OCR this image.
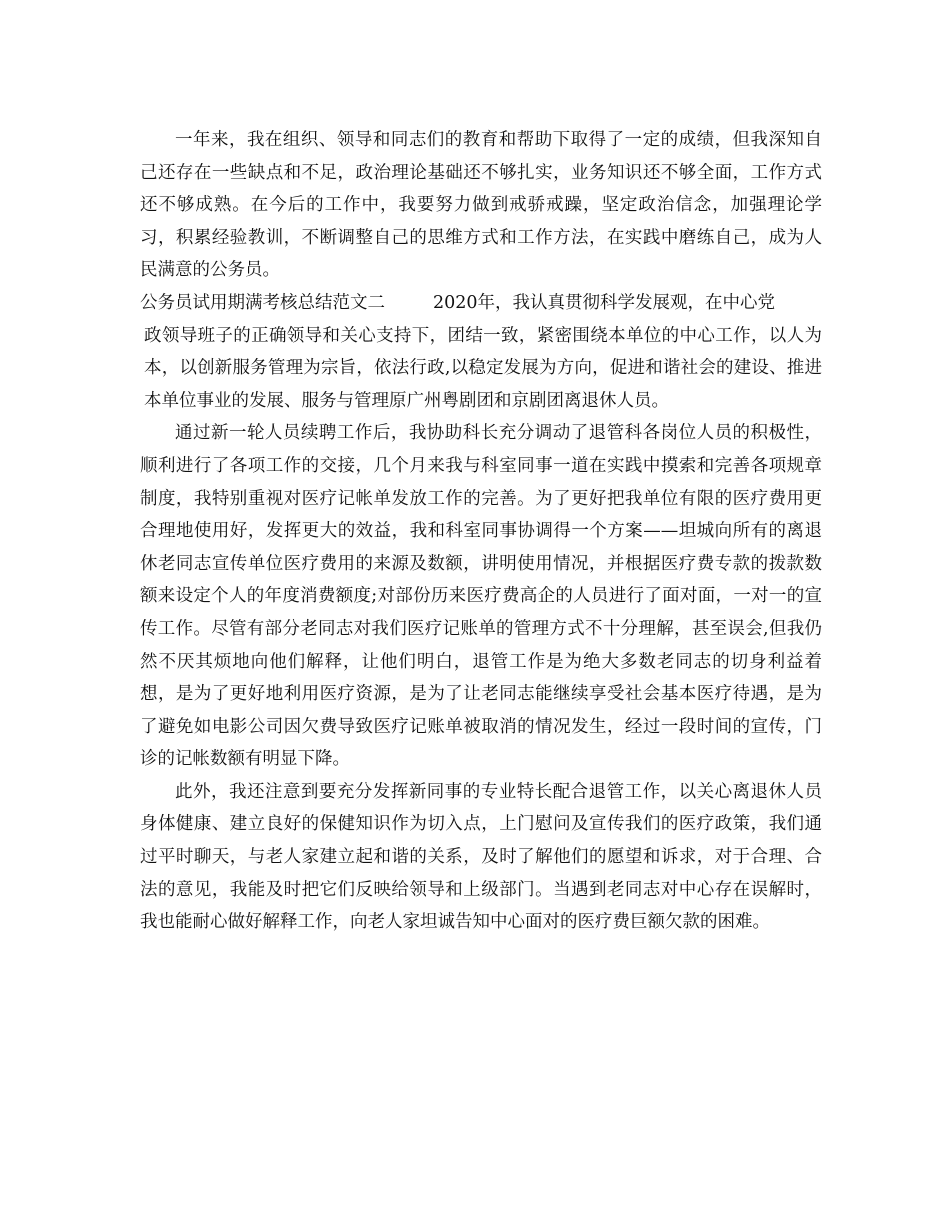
一年来，我在组织、领导和同志们的教育和帮助下取得了一定的成绩，但我深知自己还存在一些缺点和不足，政治理论基础还不够扎实，业务知识还不够全面，工作方式还不够成熟。在今后的工作中，我要努力做到戒骄戒躁，坚定政治信念，加强理论学习，积累经验教训，不断调整自己的思维方式和工作方法，在实践中磨练自己，成为人民满意的公务员。

公务员试用期满考核总结范文二	2020年，我认真贯彻科学发展观，在中心党

政领导班子的正确领导和关心支持下，团结一致，紧密围绕本单位的中心工作，以人为本，以创新服务管理为宗旨，依法行政,以稳定发展为方向，促进和谐社会的建设、推进本单位事业的发展、服务与管理原广州粤剧团和京剧团离退休人员。

通过新一轮人员续聘工作后，我协助科长充分调动了退管科各岗位人员的积极性，顺利进行了各项工作的交接，几个月来我与科室同事一道在实践中摸索和完善各项规章制度，我特别重视对医疗记帐单发放工作的完善。为了更好把我单位有限的医疗费用更合理地使用好，发挥更大的效益，我和科室同事协调得一个方案——坦城向所有的离退休老同志宣传单位医疗费用的来源及数额，讲明使用情况，并根据医疗费专款的拨款数额来设定个人的年度消费额度;对部份历来医疗费高企的人员进行了面对面，一对一的宣传工作。尽管有部分老同志对我们医疗记账单的管理方式不十分理解，甚至误会,但我仍然不厌其烦地向他们解释，让他们明白，退管工作是为绝大多数老同志的切身利益着想，是为了更好地利用医疗资源，是为了让老同志能继续享受社会基本医疗待遇，是为了避免如电影公司因欠费导致医疗记账单被取消的情况发生，经过一段时间的宣传，门诊的记帐数额有明显下降。

此外，我还注意到要充分发挥新同事的专业特长配合退管工作，以关心离退休人员身体健康、建立良好的保健知识作为切入点，上门慰问及宣传我们的医疗政策，我们通过平时聊天，与老人家建立起和谐的关系，及时了解他们的愿望和诉求，对于合理、合法的意见，我能及时把它们反映给领导和上级部门。当遇到老同志对中心存在误解时，我也能耐心做好解释工作，向老人家坦诚告知中心面对的医疗费巨额欠款的困难。
